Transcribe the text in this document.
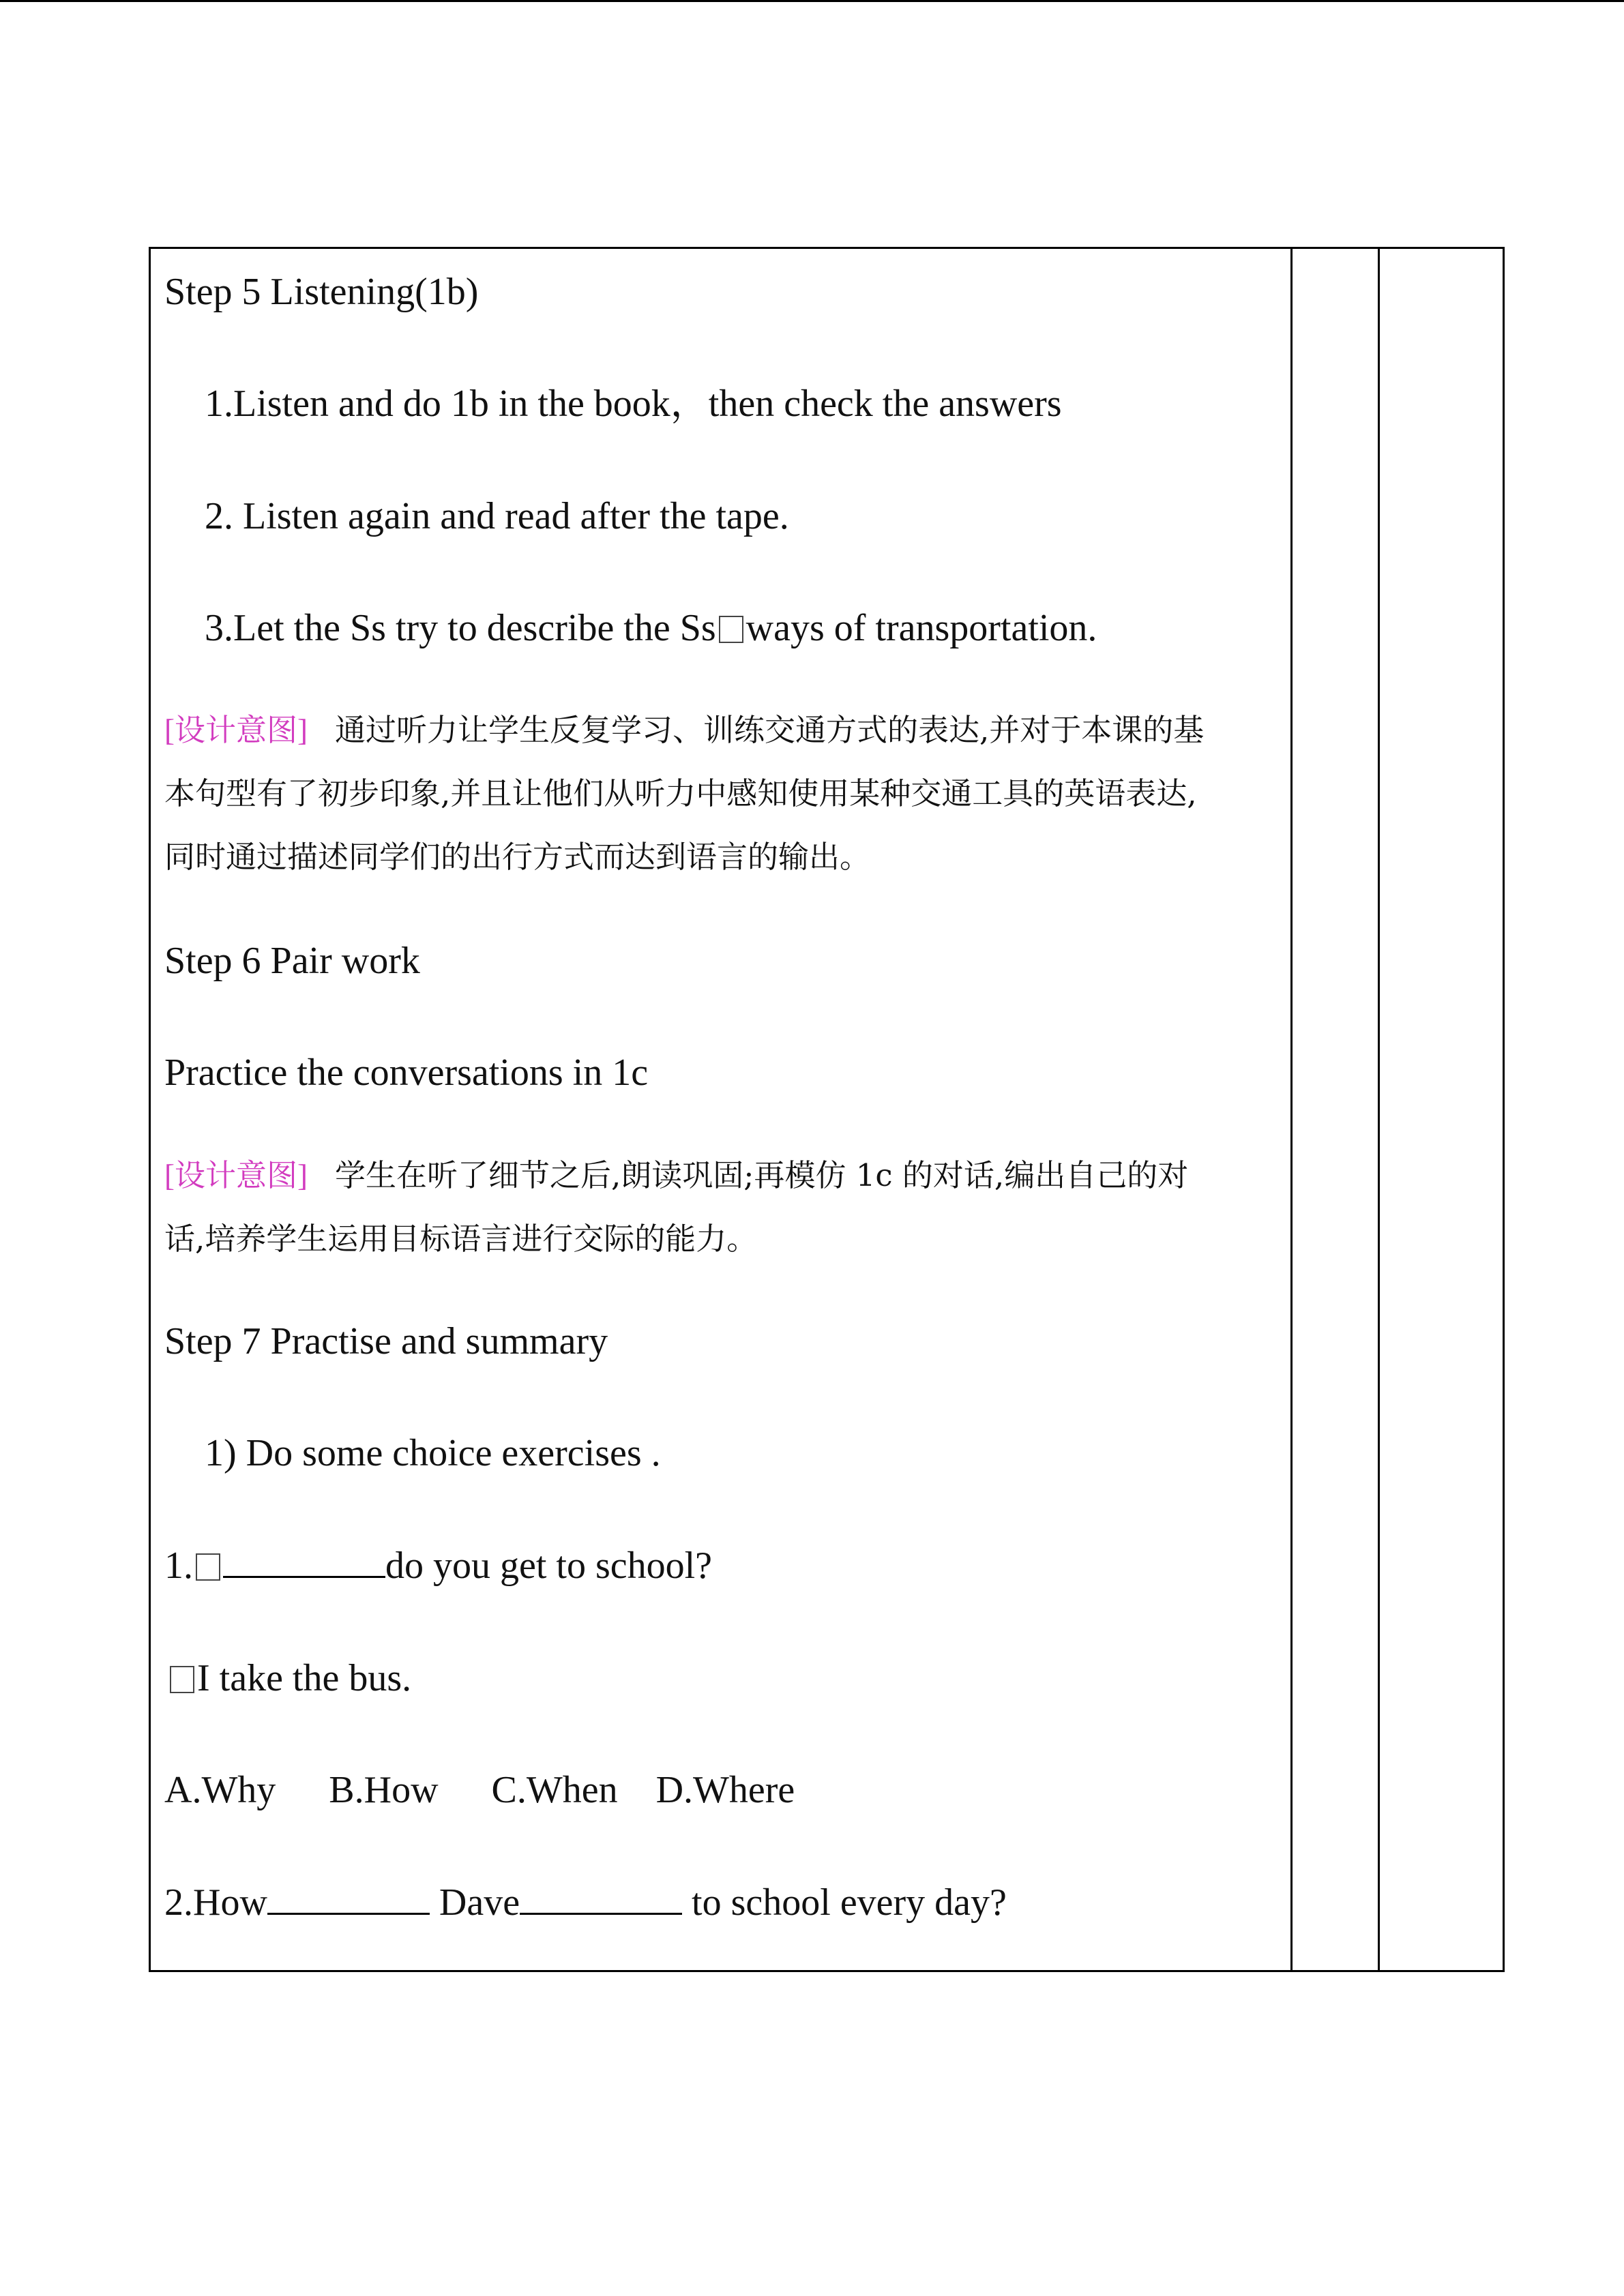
Step 5 Listening(1b)
1.Listen and do 1b in the book，then check the answers
2. Listen again and read after the tape.
3.Let the Ss try to describe the Ss ways of transportation.
[设计意图] 通过听力让学生反复学习、训练交通方式的表达,并对于本课的基
本句型有了初步印象,并且让他们从听力中感知使用某种交通工具的英语表达,
同时通过描述同学们的出行方式而达到语言的输出。
Step 6 Pair work
Practice the conversations in 1c
[设计意图] 学生在听了细节之后,朗读巩固;再模仿 1c 的对话,编出自己的对
话,培养学生运用目标语言进行交际的能力。
Step 7 Practise and summary
1) Do some choice exercises .
1.	do you get to school?
I take the bus.
A.Why B.How C.When D.Where
2.How	Dave	to school every day?
